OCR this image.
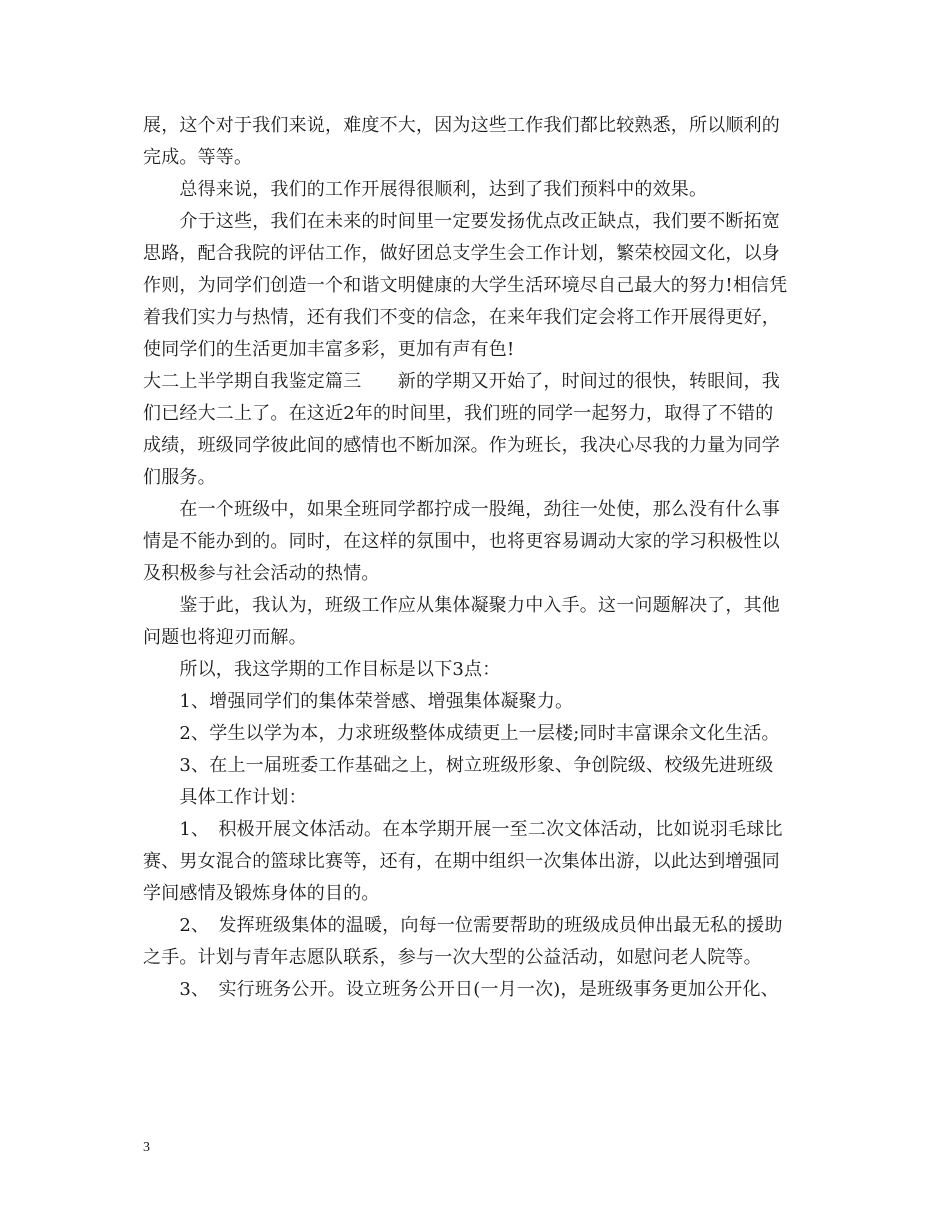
展，这个对于我们来说，难度不大，因为这些工作我们都比较熟悉，所以顺利的
完成。等等。
　　总得来说，我们的工作开展得很顺利，达到了我们预料中的效果。
　　介于这些，我们在未来的时间里一定要发扬优点改正缺点，我们要不断拓宽
思路，配合我院的评估工作，做好团总支学生会工作计划，繁荣校园文化，以身
作则，为同学们创造一个和谐文明健康的大学生活环境尽自己最大的努力!相信凭
着我们实力与热情，还有我们不变的信念，在来年我们定会将工作开展得更好，
使同学们的生活更加丰富多彩，更加有声有色!
大二上半学期自我鉴定篇三　　新的学期又开始了，时间过的很快，转眼间，我
们已经大二上了。在这近2年的时间里，我们班的同学一起努力，取得了不错的
成绩，班级同学彼此间的感情也不断加深。作为班长，我决心尽我的力量为同学
们服务。
　　在一个班级中，如果全班同学都拧成一股绳，劲往一处使，那么没有什么事
情是不能办到的。同时，在这样的氛围中，也将更容易调动大家的学习积极性以
及积极参与社会活动的热情。
　　鉴于此，我认为，班级工作应从集体凝聚力中入手。这一问题解决了，其他
问题也将迎刃而解。
　　所以，我这学期的工作目标是以下3点：
　　1、增强同学们的集体荣誉感、增强集体凝聚力。
　　2、学生以学为本，力求班级整体成绩更上一层楼;同时丰富课余文化生活。
　　3、在上一届班委工作基础之上，树立班级形象、争创院级、校级先进班级
　　具体工作计划：
　　1、　积极开展文体活动。在本学期开展一至二次文体活动，比如说羽毛球比
赛、男女混合的篮球比赛等，还有，在期中组织一次集体出游，以此达到增强同
学间感情及锻炼身体的目的。
　　2、　发挥班级集体的温暖，向每一位需要帮助的班级成员伸出最无私的援助
之手。计划与青年志愿队联系，参与一次大型的公益活动，如慰问老人院等。
　　3、　实行班务公开。设立班务公开日(一月一次)，是班级事务更加公开化、
3
